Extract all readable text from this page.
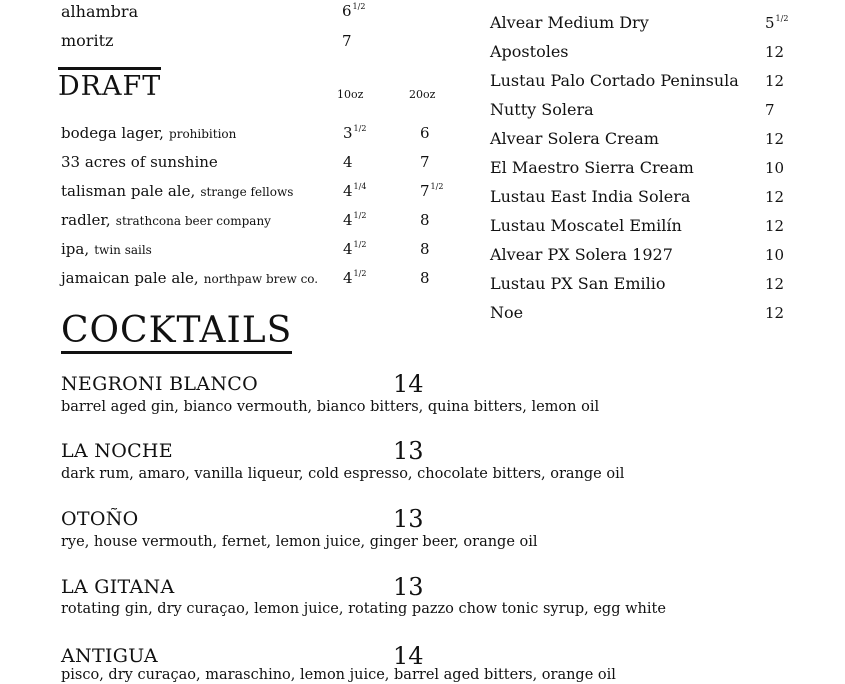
alhambra	$6^{1/2}$
moritz	7
DRAFT	10oz	20oz
bodega lager, prohibition	$3^{1/2}$	6
33 acres of sunshine	4	7
talisman pale ale, strange fellows	$4^{1/4}$	$7^{1/2}$
radler, strathcona beer company	$4^{1/2}$	8
ipa, twin sails	$4^{1/2}$	8
jamaican pale ale, northpaw brew co. $4^{1/2}$	8
Alvear Medium Dry	$5^{1/2}$
Apostoles	12
Lustau Palo Cortado Peninsula 12
Nutty Solera	7
Alvear Solera Cream	12
El Maestro Sierra Cream	10
Lustau East India Solera	12
Lustau Moscatel Emilín	12
Alvear PX Solera 1927	10
Lustau PX San Emilio	12
Noe	12
COCKTAILS
NEGRONI BLANCO	14
barrel aged gin, bianco vermouth, bianco bitters, quina bitters, lemon oil
LA NOCHE	13
dark rum, amaro, vanilla liqueur, cold espresso, chocolate bitters, orange oil
OTOÑO	13
rye, house vermouth, fernet, lemon juice, ginger beer, orange oil
LA GITANA	13
rotating gin, dry curaçao, lemon juice, rotating pazzo chow tonic syrup, egg white
ANTIGUA	14
pisco, dry curaçao, maraschino, lemon juice, barrel aged bitters, orange oil
